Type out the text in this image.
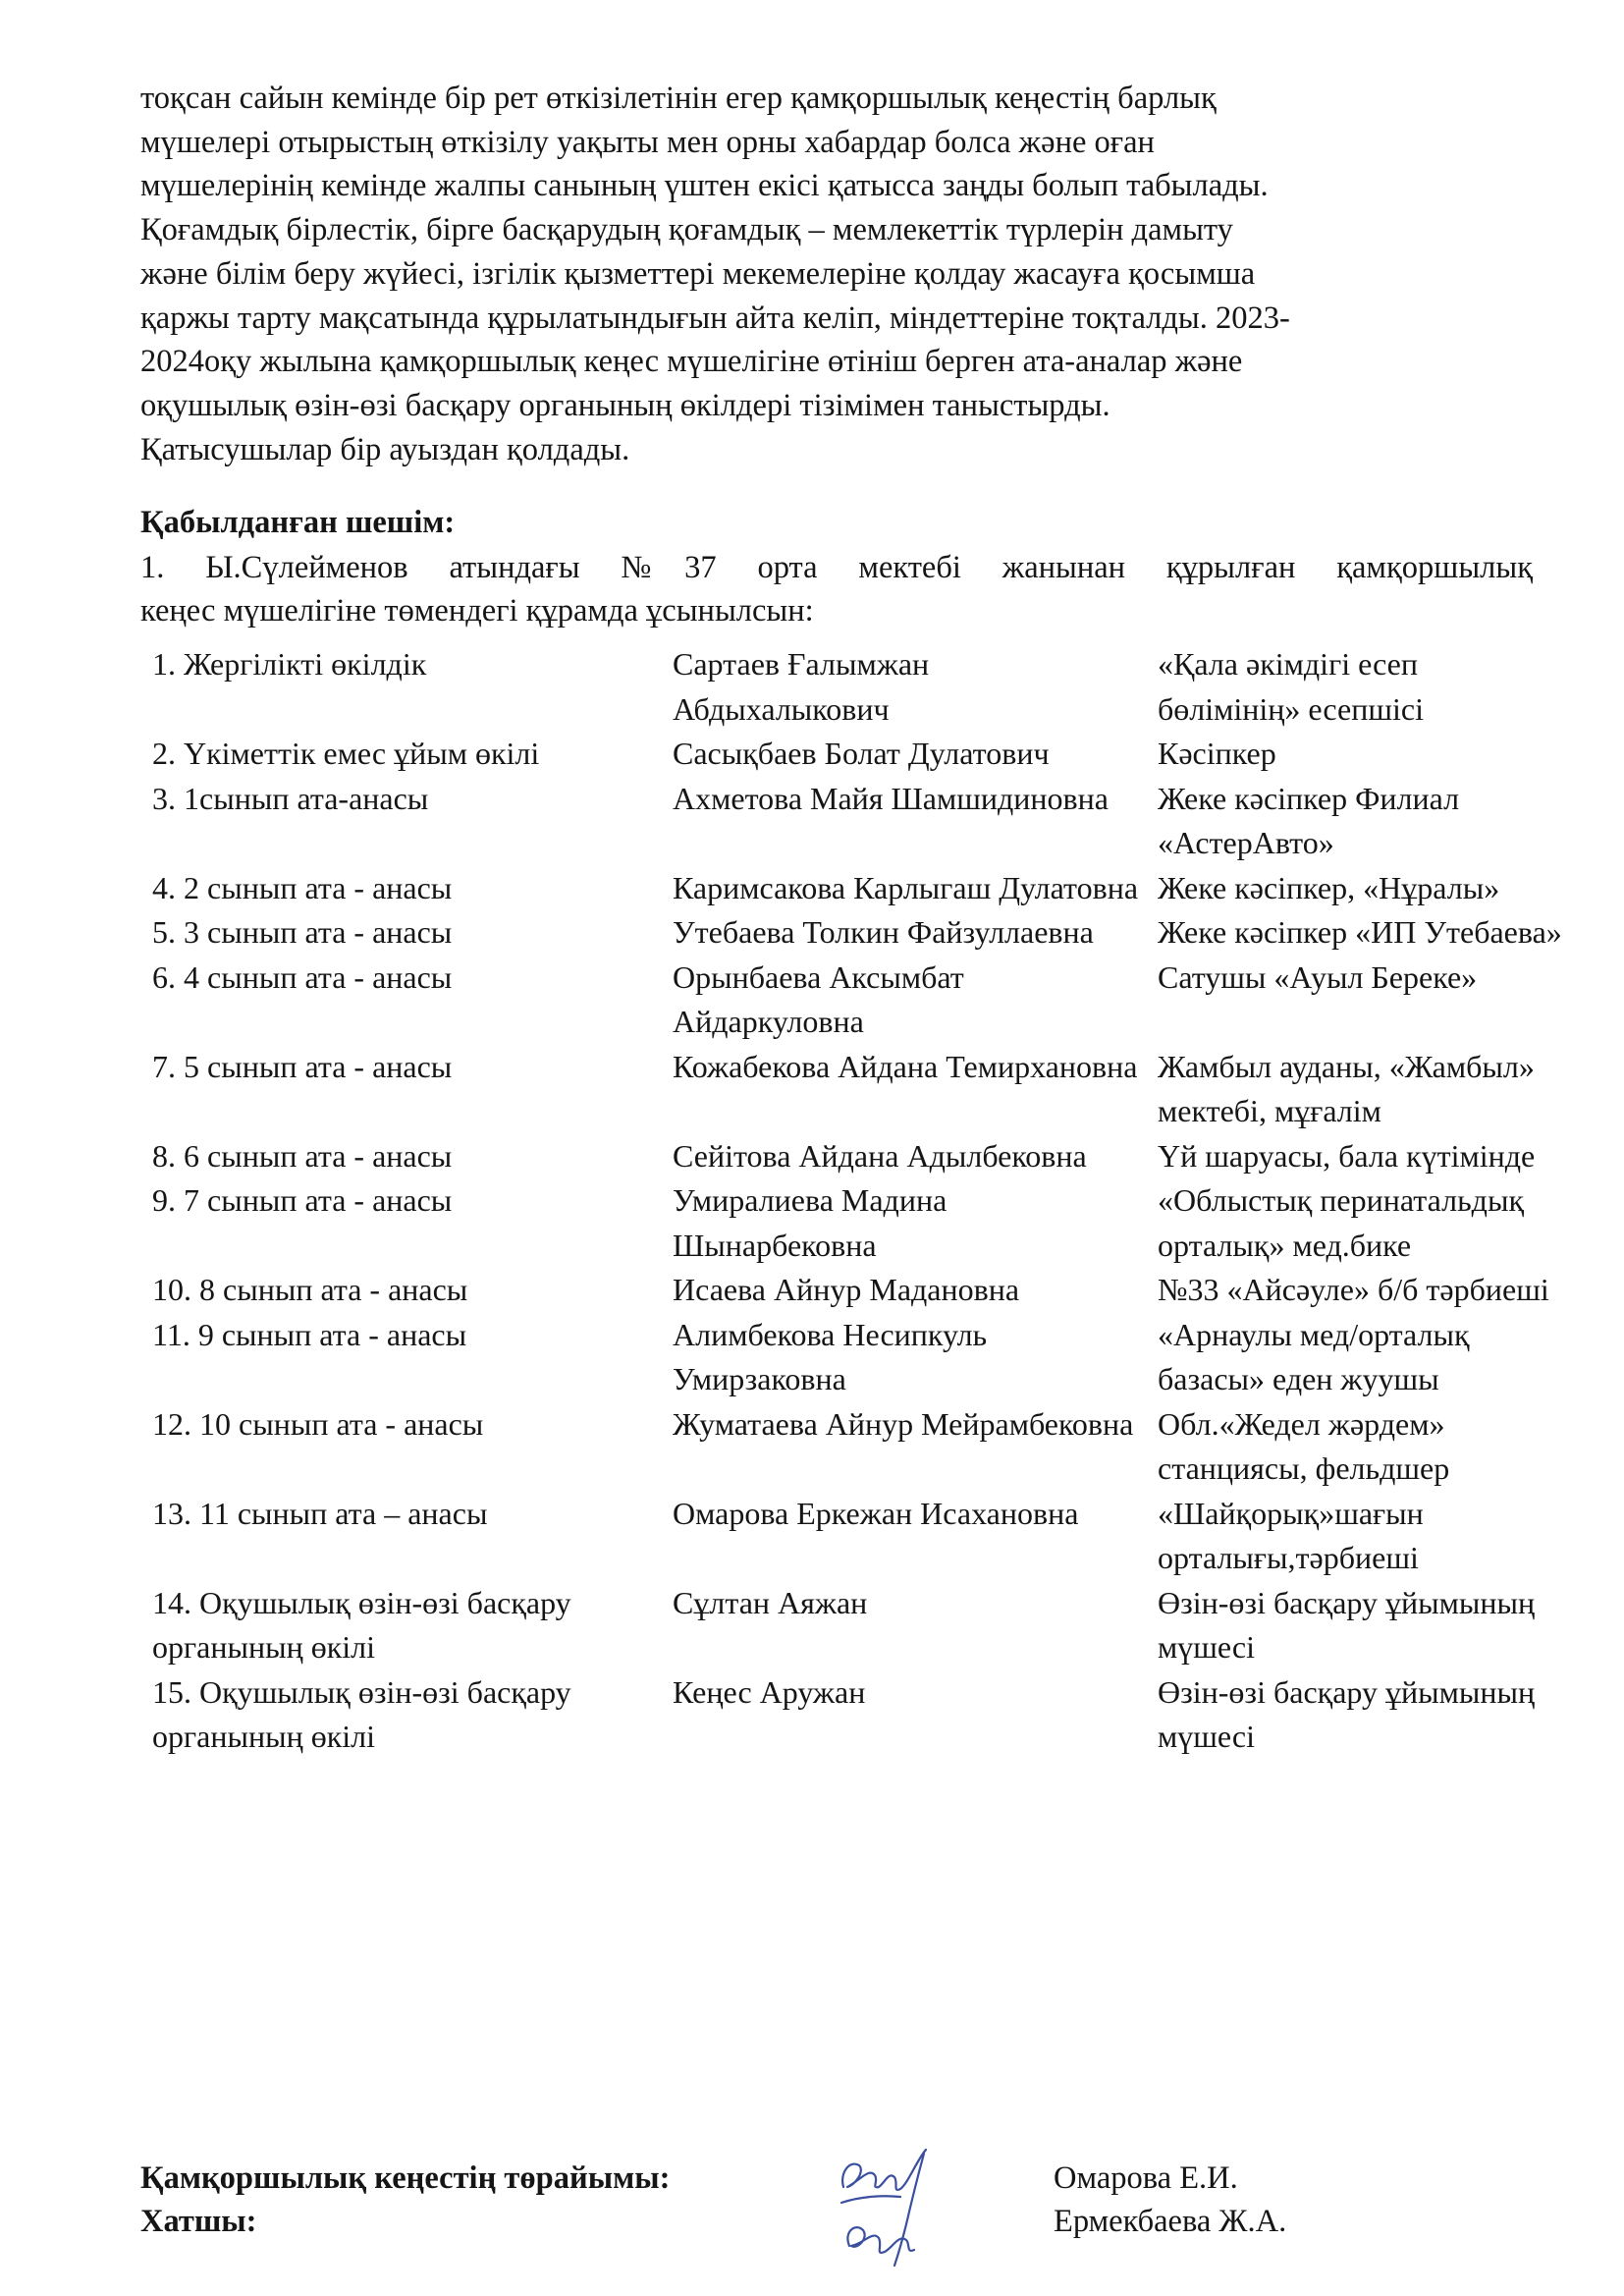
тоқсан сайын кемінде бір рет өткізілетінін егер қамқоршылық кеңестің барлық
мүшелері отырыстың өткізілу уақыты мен орны хабардар болса және оған
мүшелерінің кемінде жалпы санының үштен екісі қатысса заңды болып табылады.
Қоғамдық бірлестік, бірге басқарудың қоғамдық – мемлекеттік түрлерін дамыту
және білім беру жүйесі, ізгілік қызметтері мекемелеріне қолдау жасауға қосымша
қаржы тарту мақсатында құрылатындығын айта келіп, міндеттеріне тоқталды. 2023-
2024оқу жылына қамқоршылық кеңес мүшелігіне өтініш берген ата-аналар және
оқушылық өзін-өзі басқару органының өкілдері тізімімен таныстырды.
Қатысушылар бір ауыздан қолдады.
Қабылданған шешім:
1. Ы.Сүлейменов атындағы №37 орта мектебі жанынан құрылған қамқоршылық
кеңес мүшелігіне төмендегі құрамда ұсынылсын:
1. Жергілікті өкілдік	Сартаев Ғалымжан Абдыхалыкович	«Қала әкімдігі есеп бөлімінің» есепшісі
2. Үкіметтік емес ұйым өкілі	Сасықбаев Болат Дулатович	Кәсіпкер
3. 1сынып ата-анасы	Ахметова Майя Шамшидиновна	Жеке кәсіпкер Филиал «АстерАвто»
4. 2 сынып ата - анасы	Каримсакова Карлыгаш Дулатовна	Жеке кәсіпкер, «Нұралы»
5. 3 сынып ата - анасы	Утебаева Толкин Файзуллаевна	Жеке кәсіпкер «ИП Утебаева»
6. 4 сынып ата - анасы	Орынбаева Аксымбат Айдаркуловна	Сатушы «Ауыл Береке»
7. 5 сынып ата - анасы	Кожабекова Айдана Темирхановна	Жамбыл ауданы, «Жамбыл» мектебі, мұғалім
8. 6 сынып ата - анасы	Сейітова Айдана Адылбековна	Үй шаруасы, бала күтімінде
9. 7 сынып ата - анасы	Умиралиева Мадина Шынарбековна	«Облыстық перинатальдық орталық» мед.бике
10. 8 сынып ата - анасы	Исаева Айнур Мадановна	№33 «Айсәуле» б/б тәрбиеші
11. 9 сынып ата - анасы	Алимбекова Несипкуль Умирзаковна	«Арнаулы мед/орталық базасы» еден жуушы
12. 10 сынып ата - анасы	Жуматаева Айнур Мейрамбековна	Обл.«Жедел жәрдем» станциясы, фельдшер
13. 11 сынып ата – анасы	Омарова Еркежан Исахановна	«Шайқорық»шағын орталығы,тәрбиеші
14. Оқушылық өзін-өзі басқару органының өкілі	Сұлтан Аяжан	Өзін-өзі басқару ұйымының мүшесі
15. Оқушылық өзін-өзі басқару органының өкілі	Кеңес Аружан	Өзін-өзі басқару ұйымының мүшесі
Қамқоршылық кеңестің төрайымы:	Омарова Е.И.
Хатшы:	Ермекбаева Ж.А.
